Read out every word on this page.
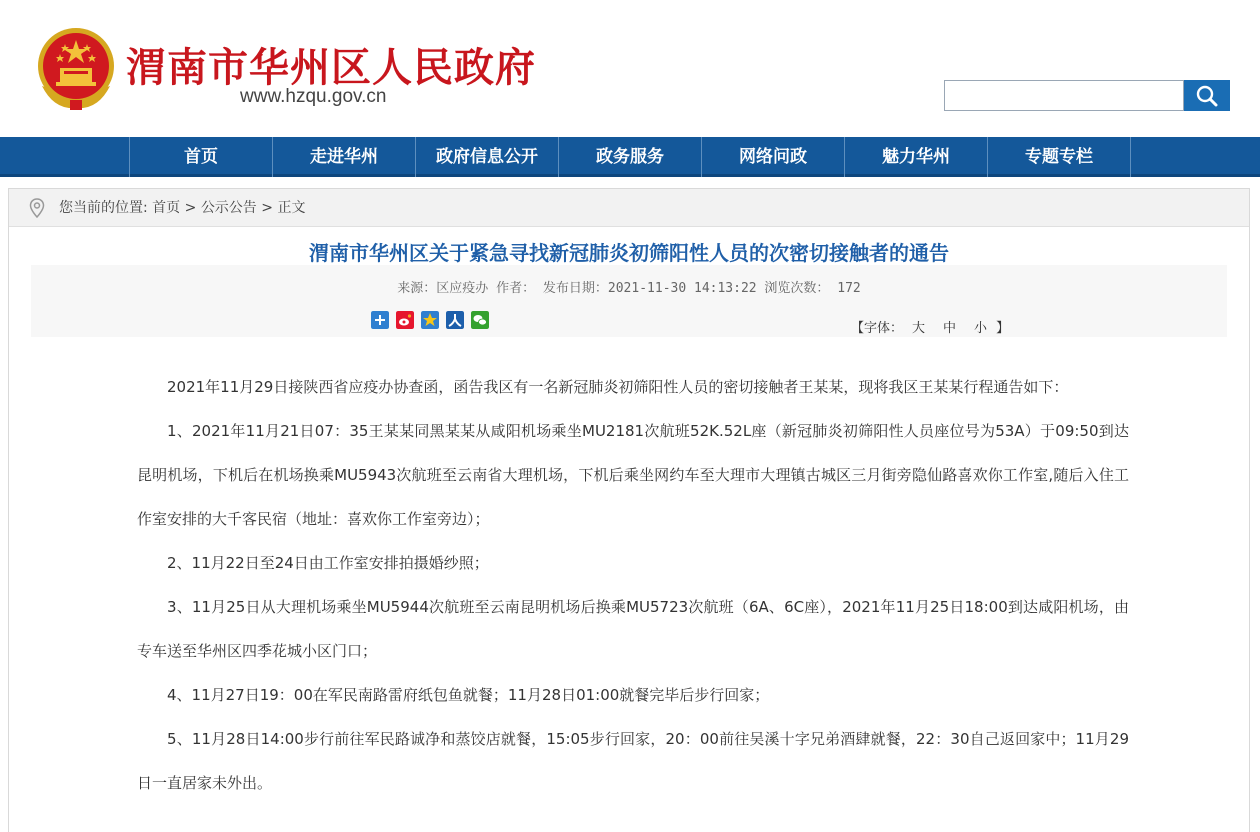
渭南市华州区人民政府
www.hzqu.gov.cn
首页	走进华州	政府信息公开	政务服务	网络问政	魅力华州	专题专栏
您当前的位置: 首页 > 公示公告 > 正文
渭南市华州区关于紧急寻找新冠肺炎初筛阳性人员的次密切接触者的通告
来源：区应疫办 作者： 发布日期：2021-11-30 14:13:22 浏览次数： 172
【字体： 大 中 小 】

2021年11月29日接陕西省应疫办协查函，函告我区有一名新冠肺炎初筛阳性人员的密切接触者王某某，现将我区王某某行程通告如下：

1、2021年11月21日07：35王某某同黑某某从咸阳机场乘坐MU2181次航班52K.52L座（新冠肺炎初筛阳性人员座位号为53A）于09:50到达昆明机场，下机后在机场换乘MU5943次航班至云南省大理机场，下机后乘坐网约车至大理市大理镇古城区三月街旁隐仙路喜欢你工作室,随后入住工作室安排的大千客民宿（地址：喜欢你工作室旁边）；

2、11月22日至24日由工作室安排拍摄婚纱照；

3、11月25日从大理机场乘坐MU5944次航班至云南昆明机场后换乘MU5723次航班（6A、6C座），2021年11月25日18:00到达咸阳机场，由专车送至华州区四季花城小区门口；

4、11月27日19：00在军民南路雷府纸包鱼就餐；11月28日01:00就餐完毕后步行回家；

5、11月28日14:00步行前往军民路诚净和蒸饺店就餐，15:05步行回家，20：00前往吴溪十字兄弟酒肆就餐，22：30自己返回家中；11月29日一直居家未外出。
